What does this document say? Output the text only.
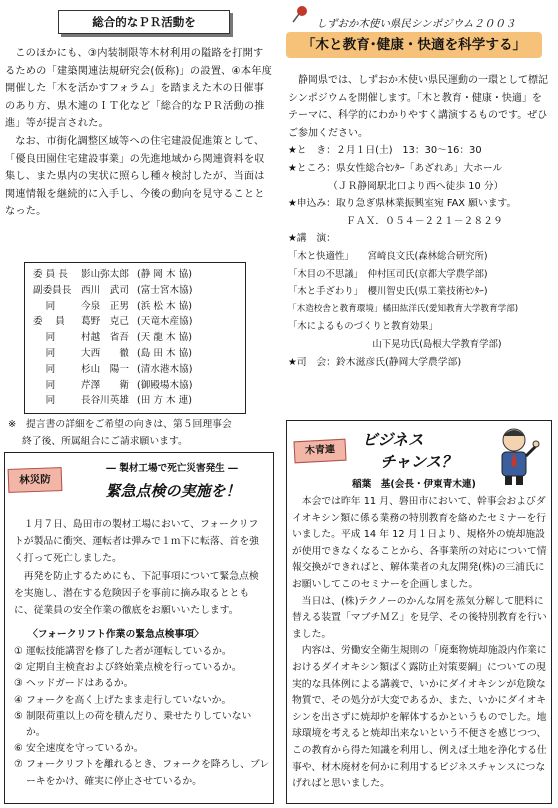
総合的なＰＲ活動を

このほかにも、③内装制限等木材利用の隘路を打開するための「建築関連法規研究会(仮称)」の設置、④本年度開催した「木を活かすフォラム」を踏まえた木の日催事のあり方、県木連のＩＴ化など「総合的なＰＲ活動の推進」等が提言された。

なお、市街化調整区域等への住宅建設促進策として、「優良田園住宅建設事業」の先進地域から関連資料を収集し、また県内の実状に照らし種々検討したが、当面は関連情報を継続的に入手し、今後の動向を見守ることとなった。

委 員 長	影山弥太郎 (静 岡 木 協)
副委員長	西川　武司 (富士宮木協)
　 同	今泉　正男 (浜 松 木 協)
委　 員	葛野　克己 (天竜木産協)
　 同	村越　省吾 (天 龍 木 協)
　 同	大西　　徹 (島 田 木 協)
　 同	杉山　陽一 (清水港木協)
　 同	芹澤　　衛 (御殿場木協)
　 同	長谷川英雄 (田 方 木 連)
※　提言書の詳細をご希望の向きは、第５回理事会
終了後、所属組合にご請求願います。
林災防
― 製材工場で死亡災害発生 ―
緊急点検の実施を！

１月７日、島田市の製材工場において、フォークリフトが製品に衝突、運転者は弾みで１ｍ下に転落、首を強く打って死亡しました。

再発を防止するためにも、下記事項について緊急点検を実施し、潜在する危険因子を事前に摘み取るとともに、従業員の安全作業の徹底をお願いいたします。

〈フォークリフト作業の緊急点検事項〉
① 運転技能講習を修了した者が運転しているか。
② 定期自主検査および終始業点検を行っているか。
③ ヘッドガードはあるか。
④ フォークを高く上げたまま走行していないか。
⑤ 制限荷重以上の荷を積んだり、乗せたりしていないか。
⑥ 安全速度を守っているか。
⑦ フォークリフトを離れるとき、フォークを降ろし、ブレーキをかけ、確実に停止させているか。
しずおか木使い県民シンポジウム２００３
「木と教育･健康・快適を科学する」

静岡県では、しずおか木使い県民運動の一環として標記シンポジウムを開催します。「木と教育・健康・快適」をテーマに、科学的にわかりやすく講演するものです。ぜひご参加ください。

★と　き：２月１日(土)　13：30～16：30
★ところ：県女性総合ｾﾝﾀｰ「あざれあ」大ホール
（ＪＲ静岡駅北口より西へ徒歩 10 分）
★申込み：取り急ぎ県林業振興室宛 FAX 願います。
ＦＡＸ．０５４－２２１－２８２９
★講　演：
「木と快適性」　　宮崎良文氏(森林総合研究所)
「木目の不思議」　仲村匡司氏(京都大学農学部)
「木と手ざわり」　櫻川智史氏(県工業技術ｾﾝﾀｰ)
「木造校舎と教育環境」橘田紘洋氏(愛知教育大学教育学部)
「木によるものづくりと教育効果」
　　　　　　　　　山下晃功氏(島根大学教育学部)
★司　会：鈴木滋彦氏(静岡大学農学部)
木青連
ビジネス
チャンス？
稲葉　基(会長・伊東青木連)

本会では昨年 11 月、磐田市において、幹事会およびダイオキシン類に係る業務の特別教育を絡めたセミナーを行いました。平成 14 年 12 月１日より、規格外の焼却施設が使用できなくなることから、各事業所の対応について情報交換ができればと、解体業者の丸友開発(株)の三浦氏にお願いしてこのセミナーを企画しました。

当日は、(株)テクノーのかんな屑を蒸気分解して肥料に替える装置「マブチＭＺ」を見学、その後特別教育を行いました。

内容は、労働安全衛生規則の「廃棄物焼却施設内作業におけるダイオキシン類ばく露防止対策要綱」についての現実的な具体例による講義で、いかにダイオキシンが危険な物質で、その処分が大変であるか、また、いかにダイオキシンを出さずに焼却炉を解体するかというものでした。地球環境を考えると焼却出来ないという不便さを感じつつ、この教育から得た知識を利用し、例えば土地を浄化する仕事や、材木廃材を何かに利用するビジネスチャンスにつなげればと思いました。
